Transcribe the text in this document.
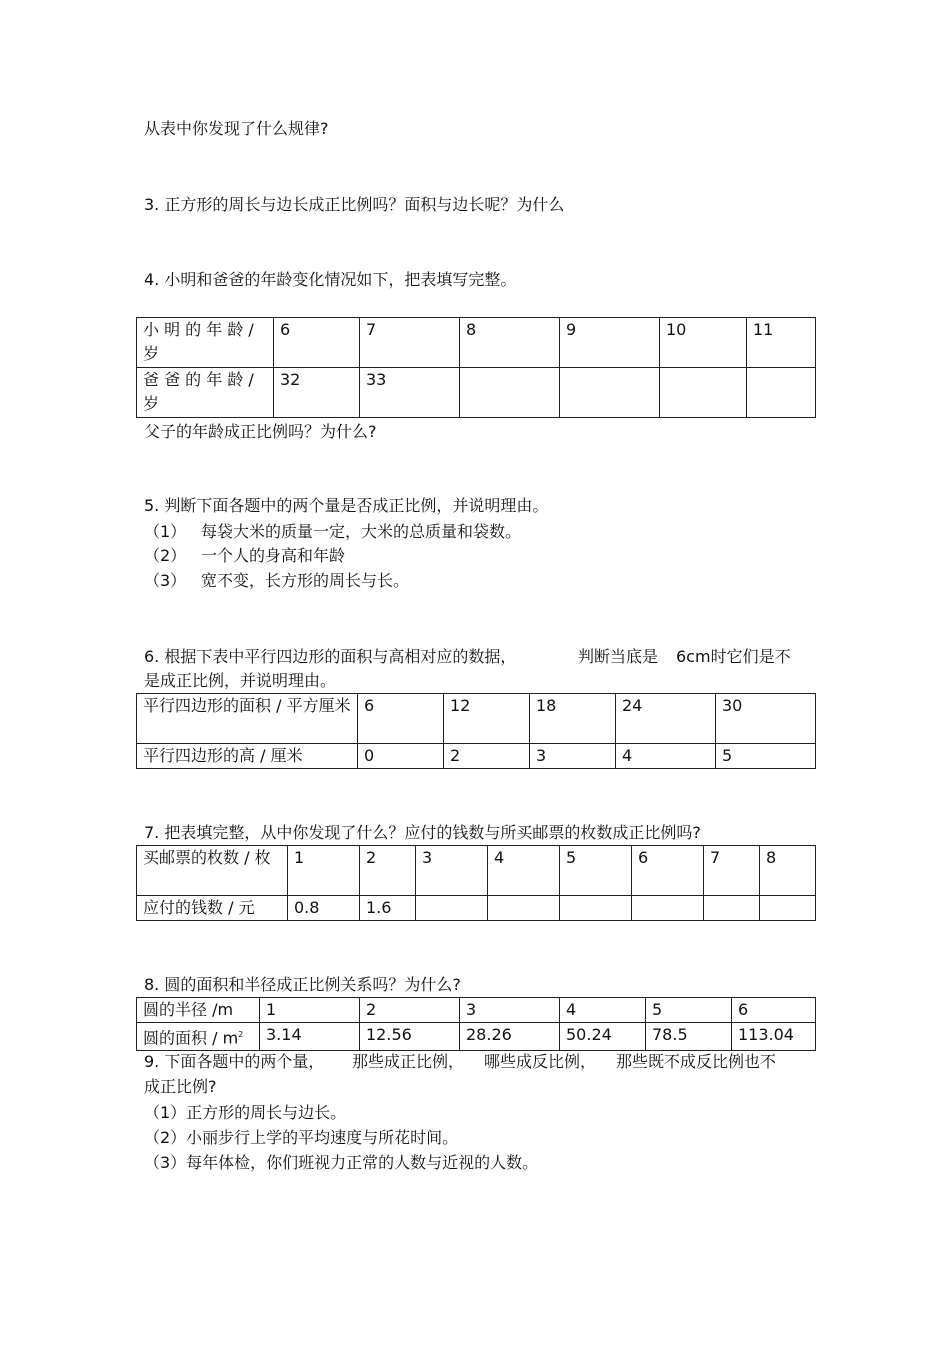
从表中你发现了什么规律?
3. 正方形的周长与边长成正比例吗？面积与边长呢？为什么
4. 小明和爸爸的年龄变化情况如下，把表填写完整。
小 明 的 年 龄 / 岁	6	7	8	9	10	11
爸 爸 的 年 龄 / 岁	32	33				
父子的年龄成正比例吗？为什么?
5. 判断下面各题中的两个量是否成正比例，并说明理由。
（1） 每袋大米的质量一定，大米的总质量和袋数。
（2） 一个人的身高和年龄
（3） 宽不变，长方形的周长与长。
6. 根据下表中平行四边形的面积与高相对应的数据，	判断当底是 6cm时它们是不
是成正比例，并说明理由。
平行四边形的面积 / 平方厘米	6	12	18	24	30
平行四边形的高 / 厘米	0	2	3	4	5
7. 把表填完整，从中你发现了什么？应付的钱数与所买邮票的枚数成正比例吗?
买邮票的枚数 / 枚	1	2	3	4	5	6	7	8
应付的钱数 / 元	0.8	1.6						
8. 圆的面积和半径成正比例关系吗？为什么?
圆的半径 /m	1	2	3	4	5	6
圆的面积 / $m^2$	3.14	12.56	28.26	50.24	78.5	113.04
9. 下面各题中的两个量， 那些成正比例， 哪些成反比例， 那些既不成反比例也不
成正比例?
（1）正方形的周长与边长。
（2）小丽步行上学的平均速度与所花时间。
（3）每年体检，你们班视力正常的人数与近视的人数。
